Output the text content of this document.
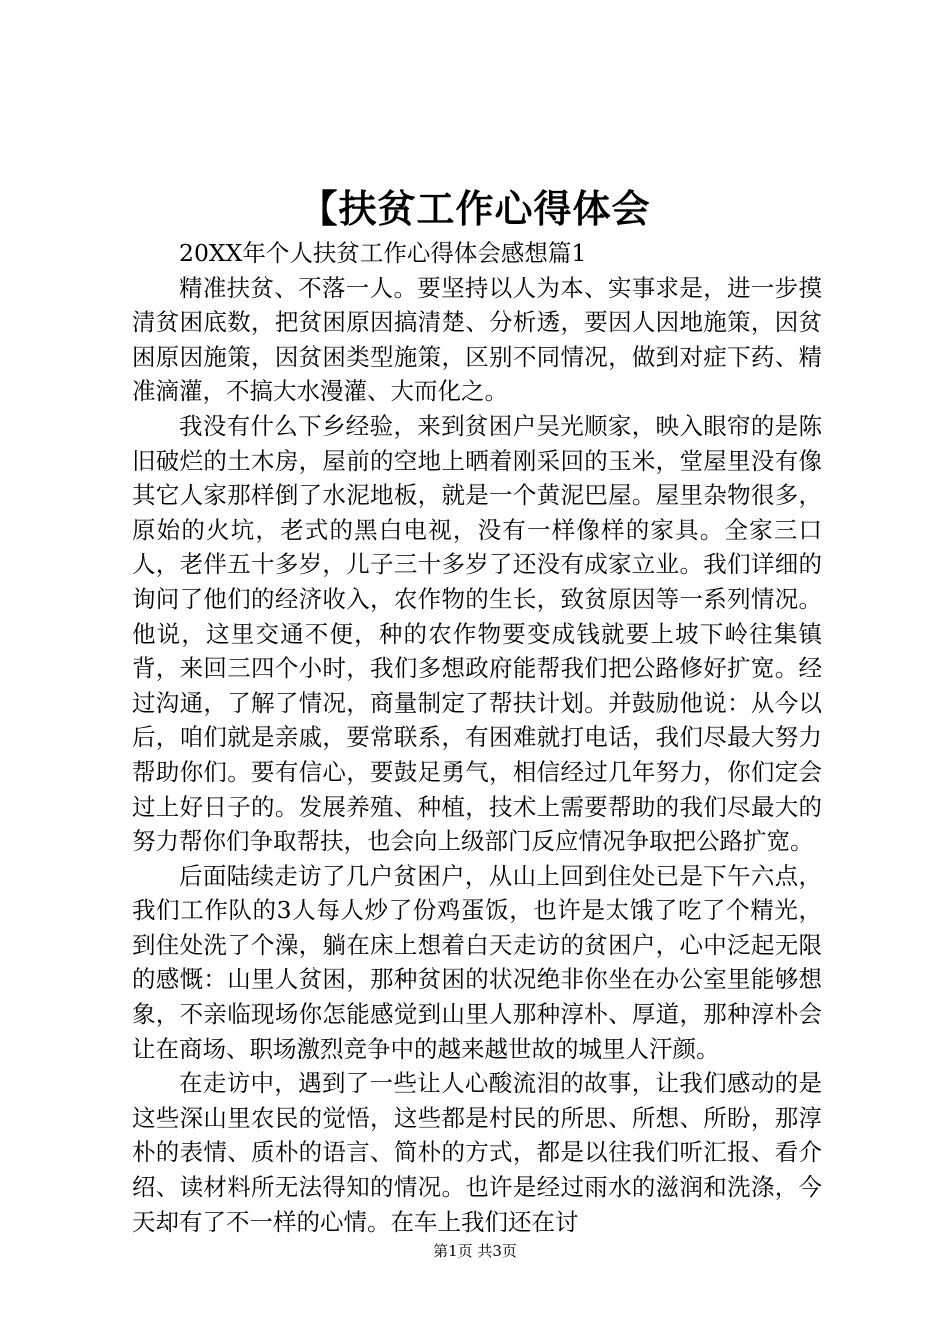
【扶贫工作心得体会

20XX年个人扶贫工作心得体会感想篇1

精准扶贫、不落一人。要坚持以人为本、实事求是，进一步摸清贫困底数，把贫困原因搞清楚、分析透，要因人因地施策，因贫困原因施策，因贫困类型施策，区别不同情况，做到对症下药、精准滴灌，不搞大水漫灌、大而化之。

我没有什么下乡经验，来到贫困户吴光顺家，映入眼帘的是陈旧破烂的土木房，屋前的空地上晒着刚采回的玉米，堂屋里没有像其它人家那样倒了水泥地板，就是一个黄泥巴屋。屋里杂物很多，原始的火坑，老式的黑白电视，没有一样像样的家具。全家三口人，老伴五十多岁，儿子三十多岁了还没有成家立业。我们详细的询问了他们的经济收入，农作物的生长，致贫原因等一系列情况。他说，这里交通不便，种的农作物要变成钱就要上坡下岭往集镇背，来回三四个小时，我们多想政府能帮我们把公路修好扩宽。经过沟通，了解了情况，商量制定了帮扶计划。并鼓励他说：从今以后，咱们就是亲戚，要常联系，有困难就打电话，我们尽最大努力帮助你们。要有信心，要鼓足勇气，相信经过几年努力，你们定会过上好日子的。发展养殖、种植，技术上需要帮助的我们尽最大的努力帮你们争取帮扶，也会向上级部门反应情况争取把公路扩宽。

后面陆续走访了几户贫困户，从山上回到住处已是下午六点，我们工作队的3人每人炒了份鸡蛋饭，也许是太饿了吃了个精光，到住处洗了个澡，躺在床上想着白天走访的贫困户，心中泛起无限的感慨：山里人贫困，那种贫困的状况绝非你坐在办公室里能够想象，不亲临现场你怎能感觉到山里人那种淳朴、厚道，那种淳朴会让在商场、职场激烈竞争中的越来越世故的城里人汗颜。

在走访中，遇到了一些让人心酸流泪的故事，让我们感动的是这些深山里农民的觉悟，这些都是村民的所思、所想、所盼，那淳朴的表情、质朴的语言、简朴的方式，都是以往我们听汇报、看介绍、读材料所无法得知的情况。也许是经过雨水的滋润和洗涤，今天却有了不一样的心情。在车上我们还在讨

第1页 共3页
